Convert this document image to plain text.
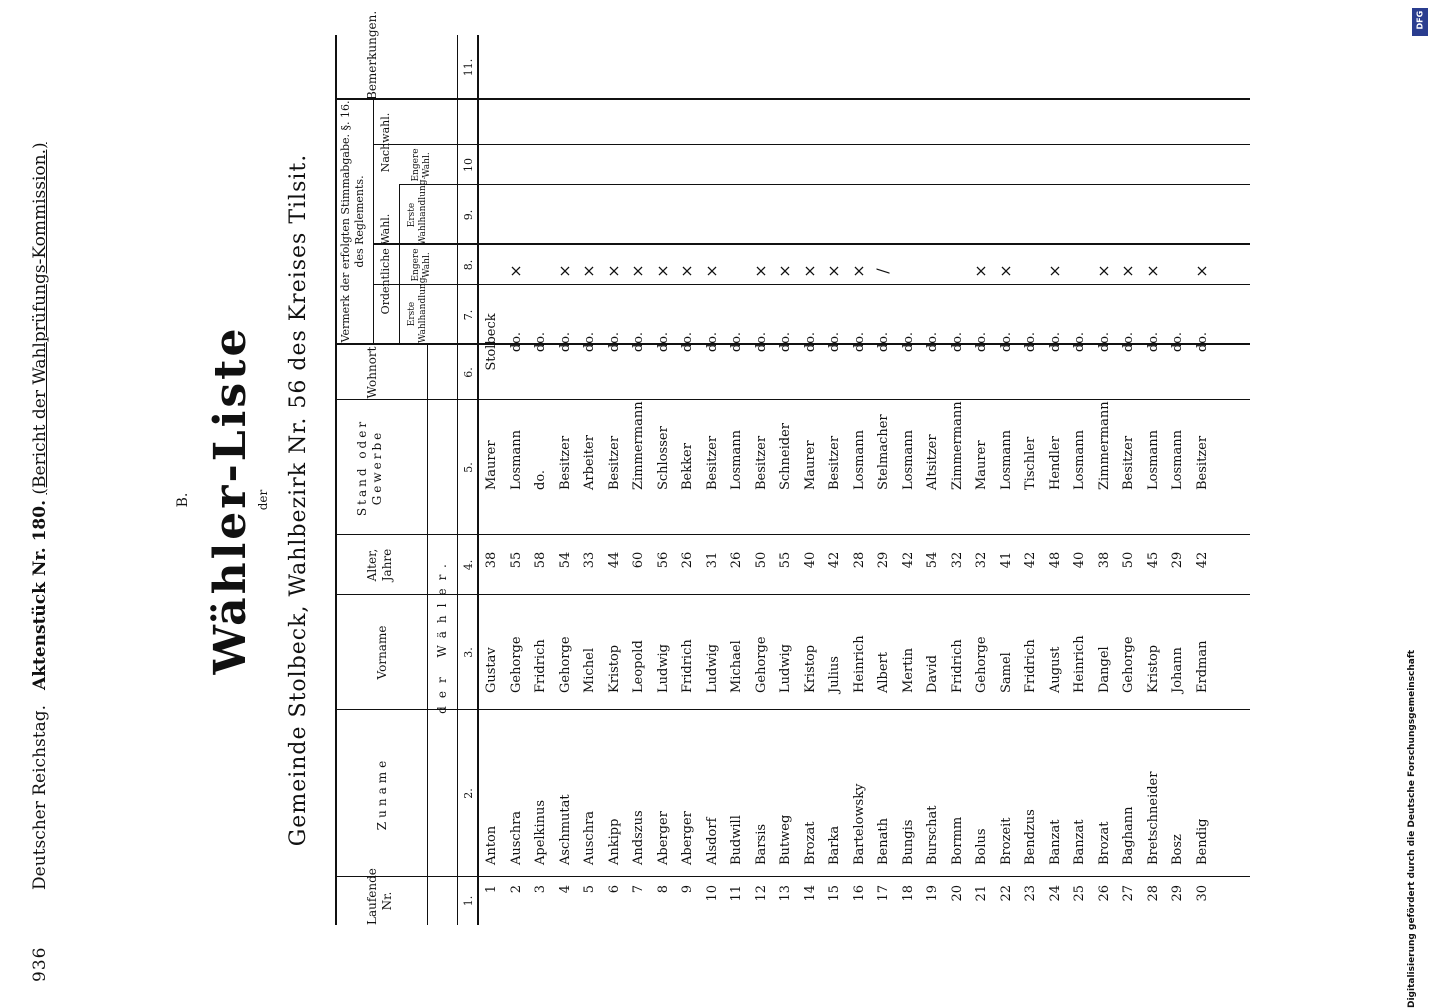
936
Deutscher Reichstag.
Aktenstück Nr. 180. (Bericht der Wahlprüfungs-Kommission.)
B. Wähler-Liste der Gemeinde Stolbeck, Wahlbezirk Nr. 56 des Kreises Tilsit.
Laufende Nr.
Zuname
Vorname
Alter, Jahre
Stand oder Gewerbe
Wohnort
der Wähler.
Vermerk der erfolgten Stimmabgabe. §. 16. des Reglements. Ordentliche Wahl.
Nachwahl.
Erste Wahlhandlung.
Engere Wahl.
Erste Wahlhandlung.
Engere Wahl.
Bemerkungen.
1.
2.
3.
4.
5.
6.
7.
8.
9.
10
11.
1
Anton
Gustav
38
Maurer
Stolbeck
2
Auschra
Gehorge
55
Losmann
do.
×
3
Apelkinus
Fridrich
58
do.
do.
4
Aschmutat
Gehorge
54
Besitzer
do.
×
5
Auschra
Michel
33
Arbeiter
do.
×
6
Ankipp
Kristop
44
Besitzer
do.
×
7
Andszus
Leopold
60
Zimmermann
do.
×
8
Aberger
Ludwig
56
Schlosser
do.
×
9
Aberger
Fridrich
26
Bekker
do.
×
10
Alsdorf
Ludwig
31
Besitzer
do.
×
11
Budwill
Michael
26
Losmann
do.
12
Barsis
Gehorge
50
Besitzer
do.
×
13
Butweg
Ludwig
55
Schneider
do.
×
14
Brozat
Kristop
40
Maurer
do.
×
15
Barka
Julius
42
Besitzer
do.
×
16
Bartelowsky
Heinrich
28
Losmann
do.
×
17
Benath
Albert
29
Stelmacher
do.
/
18
Bungis
Mertin
42
Losmann
do.
19
Burschat
David
54
Altsitzer
do.
20
Bormm
Fridrich
32
Zimmermann
do.
21
Bolus
Gehorge
32
Maurer
do.
×
22
Brozeit
Samel
41
Losmann
do.
×
23
Bendzus
Fridrich
42
Tischler
do.
24
Banzat
August
48
Hendler
do.
×
25
Banzat
Heinrich
40
Losmann
do.
26
Brozat
Dangel
38
Zimmermann
do.
×
27
Baghann
Gehorge
50
Besitzer
do.
×
28
Bretschneider
Kristop
45
Losmann
do.
×
29
Bosz
Johann
29
Losmann
do.
30
Bendig
Erdman
42
Besitzer
do.
×
Digitalisierung gefördert durch die Deutsche Forschungsgemeinschaft
DFG
